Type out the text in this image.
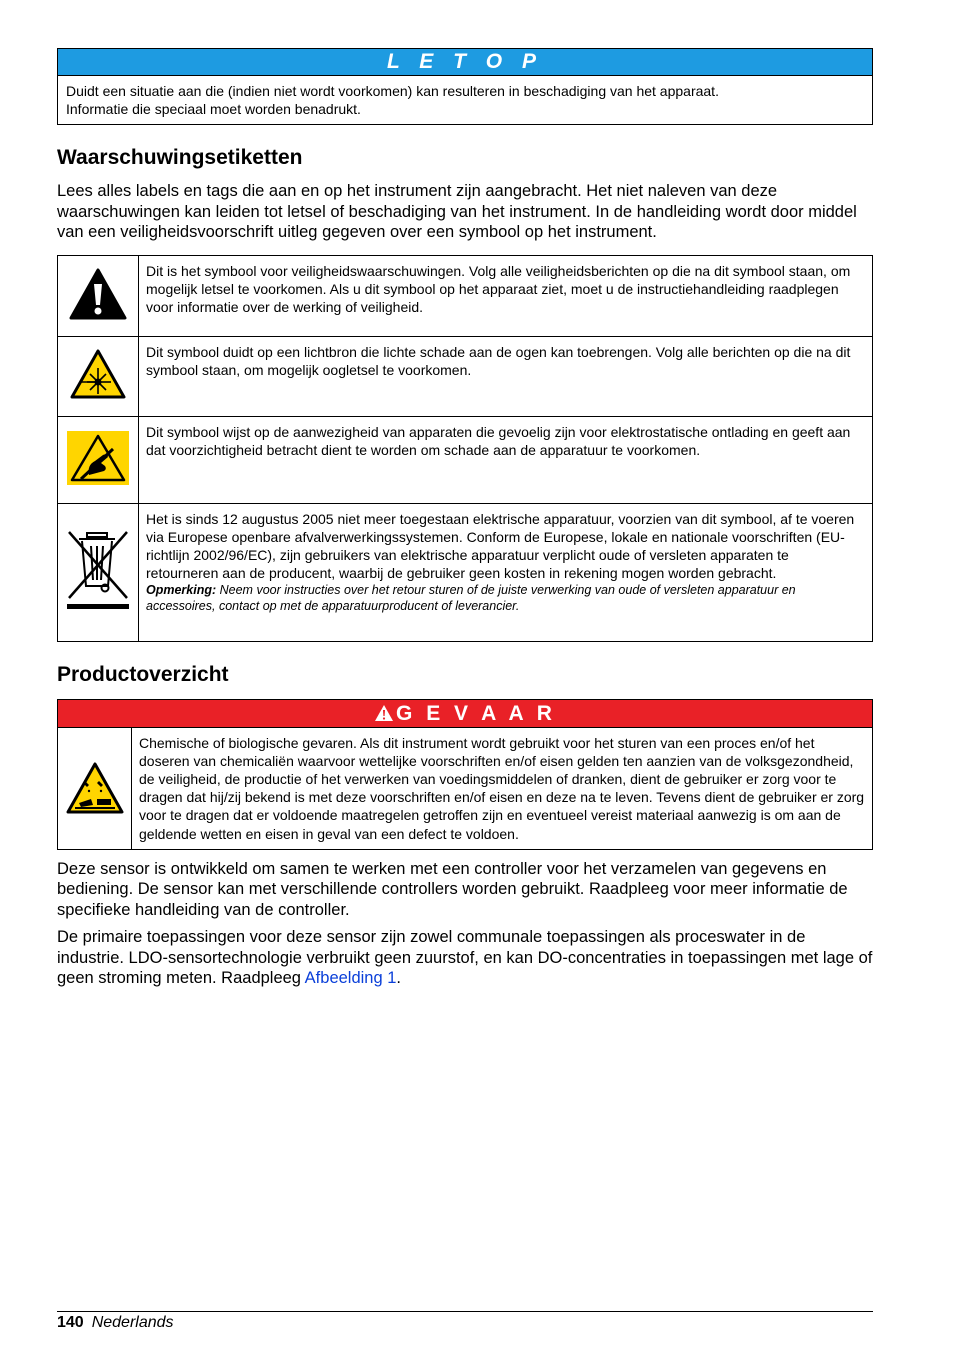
L E T O P
Duidt een situatie aan die (indien niet wordt voorkomen) kan resulteren in beschadiging van het apparaat.
Informatie die speciaal moet worden benadrukt.
Waarschuwingsetiketten

Lees alles labels en tags die aan en op het instrument zijn aangebracht. Het niet naleven van deze waarschuwingen kan leiden tot letsel of beschadiging van het instrument. In de handleiding wordt door middel van een veiligheidsvoorschrift uitleg gegeven over een symbool op het instrument.

	Dit is het symbool voor veiligheidswaarschuwingen. Volg alle veiligheidsberichten op die na dit symbool staan, om mogelijk letsel te voorkomen. Als u dit symbool op het apparaat ziet, moet u de instructiehandleiding raadplegen voor informatie over de werking of veiligheid.
	Dit symbool duidt op een lichtbron die lichte schade aan de ogen kan toebrengen. Volg alle berichten op die na dit symbool staan, om mogelijk oogletsel te voorkomen.
	Dit symbool wijst op de aanwezigheid van apparaten die gevoelig zijn voor elektrostatische ontlading en geeft aan dat voorzichtigheid betracht dient te worden om schade aan de apparatuur te voorkomen.

Het is sinds 12 augustus 2005 niet meer toegestaan elektrische apparatuur, voorzien van dit symbool, af te voeren via Europese openbare afvalverwerkingssystemen. Conform de Europese, lokale en nationale voorschriften (EU-richtlijn 2002/96/EC), zijn gebruikers van elektrische apparatuur verplicht oude of versleten apparaten te retourneren aan de producent, waarbij de gebruiker geen kosten in rekening mogen worden gebracht.
Opmerking: Neem voor instructies over het retour sturen of de juiste verwerking van oude of versleten apparatuur en accessoires, contact op met de apparatuurproducent of leverancier.
Productoverzicht
G E V A A R
Chemische of biologische gevaren. Als dit instrument wordt gebruikt voor het sturen van een proces en/of het doseren van chemicaliën waarvoor wettelijke voorschriften en/of eisen gelden ten aanzien van de volksgezondheid, de veiligheid, de productie of het verwerken van voedingsmiddelen of dranken, dient de gebruiker er zorg voor te dragen dat hij/zij bekend is met deze voorschriften en/of eisen en deze na te leven. Tevens dient de gebruiker er zorg voor te dragen dat er voldoende maatregelen getroffen zijn en eventueel vereist materiaal aanwezig is om aan de geldende wetten en eisen in geval van een defect te voldoen.

Deze sensor is ontwikkeld om samen te werken met een controller voor het verzamelen van gegevens en bediening. De sensor kan met verschillende controllers worden gebruikt. Raadpleeg voor meer informatie de specifieke handleiding van de controller.

De primaire toepassingen voor deze sensor zijn zowel communale toepassingen als proceswater in de industrie. LDO-sensortechnologie verbruikt geen zuurstof, en kan DO-concentraties in toepassingen met lage of geen stroming meten. Raadpleeg Afbeelding 1.

140 Nederlands
